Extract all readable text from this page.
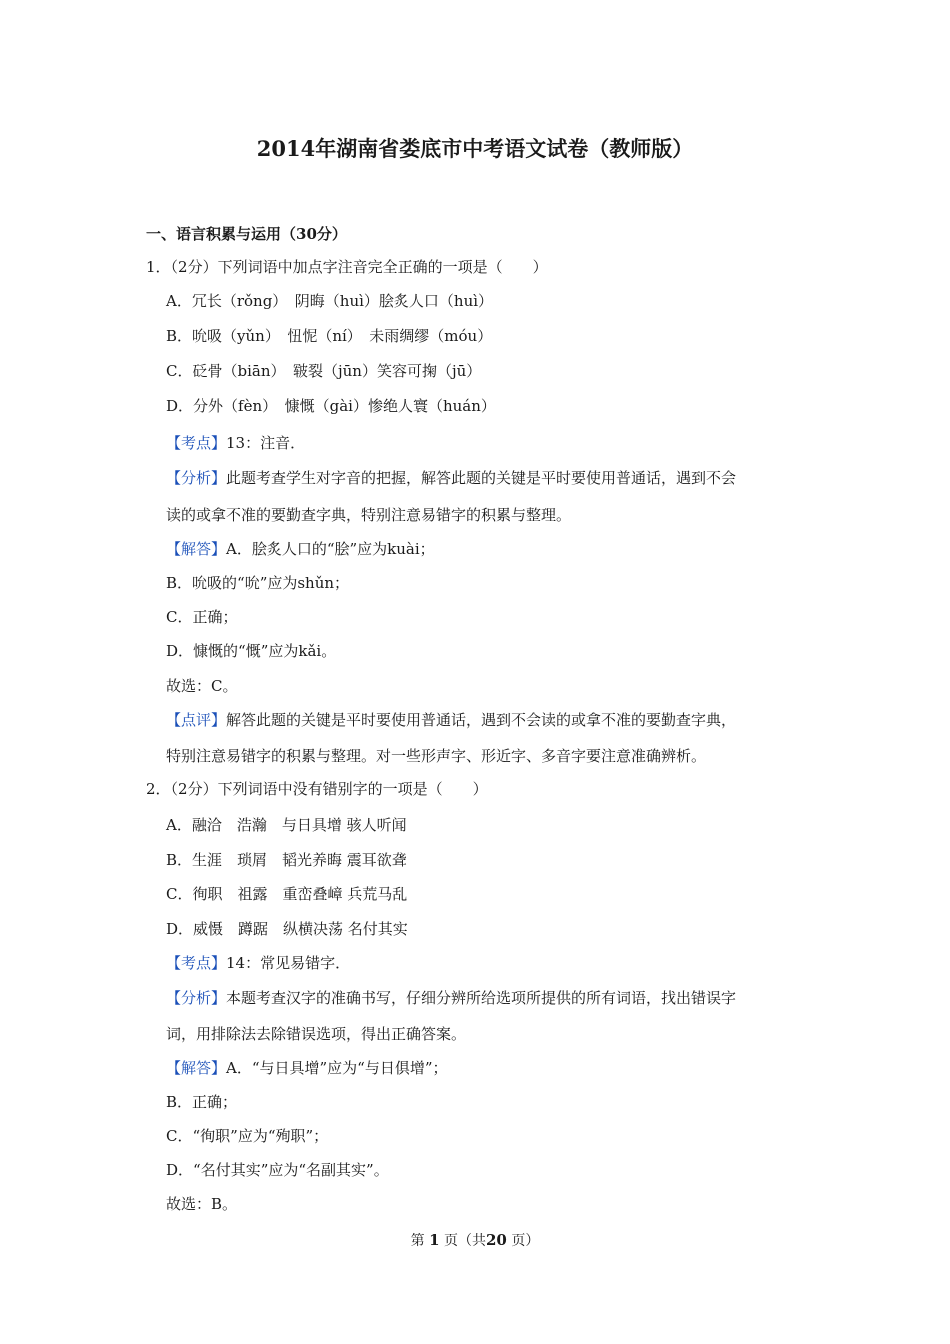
2014年湖南省娄底市中考语文试卷（教师版）
一、语言积累与运用（30分）
1．（2分）下列词语中加点字注音完全正确的一项是（　　）
A．冗长（rǒng）　阴晦（huì）脍炙人口（huì）
B．吮吸（yǔn）　忸怩（ní）　未雨绸缪（móu）
C．砭骨（biān）　皲裂（jūn）笑容可掬（jū）
D．分外（fèn）　慷慨（gài）惨绝人寰（huán）
【考点】13：注音．
【分析】此题考查学生对字音的把握，解答此题的关键是平时要使用普通话，遇到不会
读的或拿不准的要勤查字典，特别注意易错字的积累与整理。
【解答】A．脍炙人口的“脍”应为kuài；
B．吮吸的“吮”应为shǔn；
C．正确；
D．慷慨的“慨”应为kǎi。
故选：C。
【点评】解答此题的关键是平时要使用普通话，遇到不会读的或拿不准的要勤查字典，
特别注意易错字的积累与整理。对一些形声字、形近字、多音字要注意准确辨析。
2．（2分）下列词语中没有错别字的一项是（　　）
A．融洽　浩瀚　与日具增 骇人听闻
B．生涯　琐屑　韬光养晦 震耳欲聋
C．徇职　祖露　重峦叠嶂 兵荒马乱
D．威慑　蹲踞　纵横决荡 名付其实
【考点】14：常见易错字．
【分析】本题考查汉字的准确书写，仔细分辨所给选项所提供的所有词语，找出错误字
词，用排除法去除错误选项，得出正确答案。
【解答】A．“与日具增”应为“与日俱增”；
B．正确；
C．“徇职”应为“殉职”；
D．“名付其实”应为“名副其实”。
故选：B。
第 1 页（共20 页）
